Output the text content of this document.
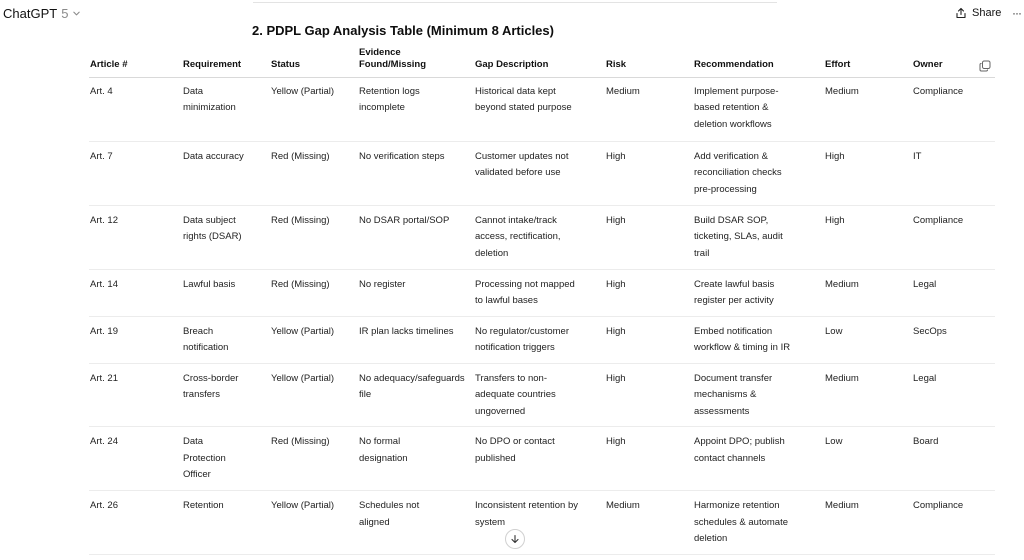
ChatGPT 5	Share ···
2. PDPL Gap Analysis Table (Minimum 8 Articles)
Article #	Requirement	Status	Evidence Found/Missing	Gap Description	Risk	Recommendation	Effort	Owner
Art. 4	Data minimization	Yellow (Partial)	Retention logs incomplete	Historical data kept beyond stated purpose	Medium	Implement purpose-based retention & deletion workflows	Medium	Compliance
Art. 7	Data accuracy	Red (Missing)	No verification steps	Customer updates not validated before use	High	Add verification & reconciliation checks pre-processing	High	IT
Art. 12	Data subject rights (DSAR)	Red (Missing)	No DSAR portal/SOP	Cannot intake/track access, rectification, deletion	High	Build DSAR SOP, ticketing, SLAs, audit trail	High	Compliance
Art. 14	Lawful basis	Red (Missing)	No register	Processing not mapped to lawful bases	High	Create lawful basis register per activity	Medium	Legal
Art. 19	Breach notification	Yellow (Partial)	IR plan lacks timelines	No regulator/customer notification triggers	High	Embed notification workflow & timing in IR	Low	SecOps
Art. 21	Cross-border transfers	Yellow (Partial)	No adequacy/safeguards file	Transfers to non-adequate countries ungoverned	High	Document transfer mechanisms & assessments	Medium	Legal
Art. 24	Data Protection Officer	Red (Missing)	No formal designation	No DPO or contact published	High	Appoint DPO; publish contact channels	Low	Board
Art. 26	Retention	Yellow (Partial)	Schedules not aligned	Inconsistent retention by system	Medium	Harmonize retention schedules & automate deletion	Medium	Compliance
